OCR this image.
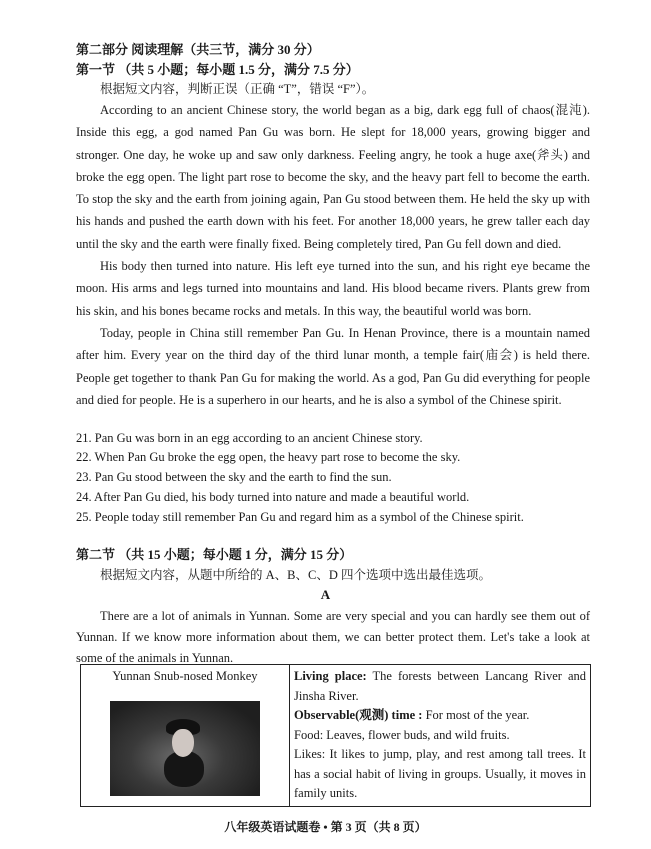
第二部分 阅读理解（共三节，满分 30 分）
第一节 （共 5 小题；每小题 1.5 分，满分 7.5 分）
根据短文内容，判断正误（正确 “T”，错误 “F”）。

According to an ancient Chinese story, the world began as a big, dark egg full of chaos(混沌). Inside this egg, a god named Pan Gu was born. He slept for 18,000 years, growing bigger and stronger. One day, he woke up and saw only darkness. Feeling angry, he took a huge axe(斧头) and broke the egg open. The light part rose to become the sky, and the heavy part fell to become the earth. To stop the sky and the earth from joining again, Pan Gu stood between them. He held the sky up with his hands and pushed the earth down with his feet. For another 18,000 years, he grew taller each day until the sky and the earth were finally fixed. Being completely tired, Pan Gu fell down and died.

His body then turned into nature. His left eye turned into the sun, and his right eye became the moon. His arms and legs turned into mountains and land. His blood became rivers. Plants grew from his skin, and his bones became rocks and metals. In this way, the beautiful world was born.

Today, people in China still remember Pan Gu. In Henan Province, there is a mountain named after him. Every year on the third day of the third lunar month, a temple fair(庙会) is held there. People get together to thank Pan Gu for making the world. As a god, Pan Gu did everything for people and died for people. He is a superhero in our hearts, and he is also a symbol of the Chinese spirit.

21. Pan Gu was born in an egg according to an ancient Chinese story.
22. When Pan Gu broke the egg open, the heavy part rose to become the sky.
23. Pan Gu stood between the sky and the earth to find the sun.
24. After Pan Gu died, his body turned into nature and made a beautiful world.
25. People today still remember Pan Gu and regard him as a symbol of the Chinese spirit.
第二节 （共 15 小题；每小题 1 分，满分 15 分）
根据短文内容，从题中所给的 A、B、C、D 四个选项中选出最佳选项。
A

There are a lot of animals in Yunnan. Some are very special and you can hardly see them out of Yunnan. If we know more information about them, we can better protect them. Let's take a look at some of the animals in Yunnan.

Yunnan Snub-nosed Monkey	Living place: The forests between Lancang River and Jinsha River.
Observable(观测) time : For most of the year.
Food: Leaves, flower buds, and wild fruits.
Likes: It likes to jump, play, and rest among tall trees. It has a social habit of living in groups. Usually, it moves in family units.
八年级英语试题卷 • 第 3 页（共 8 页）
